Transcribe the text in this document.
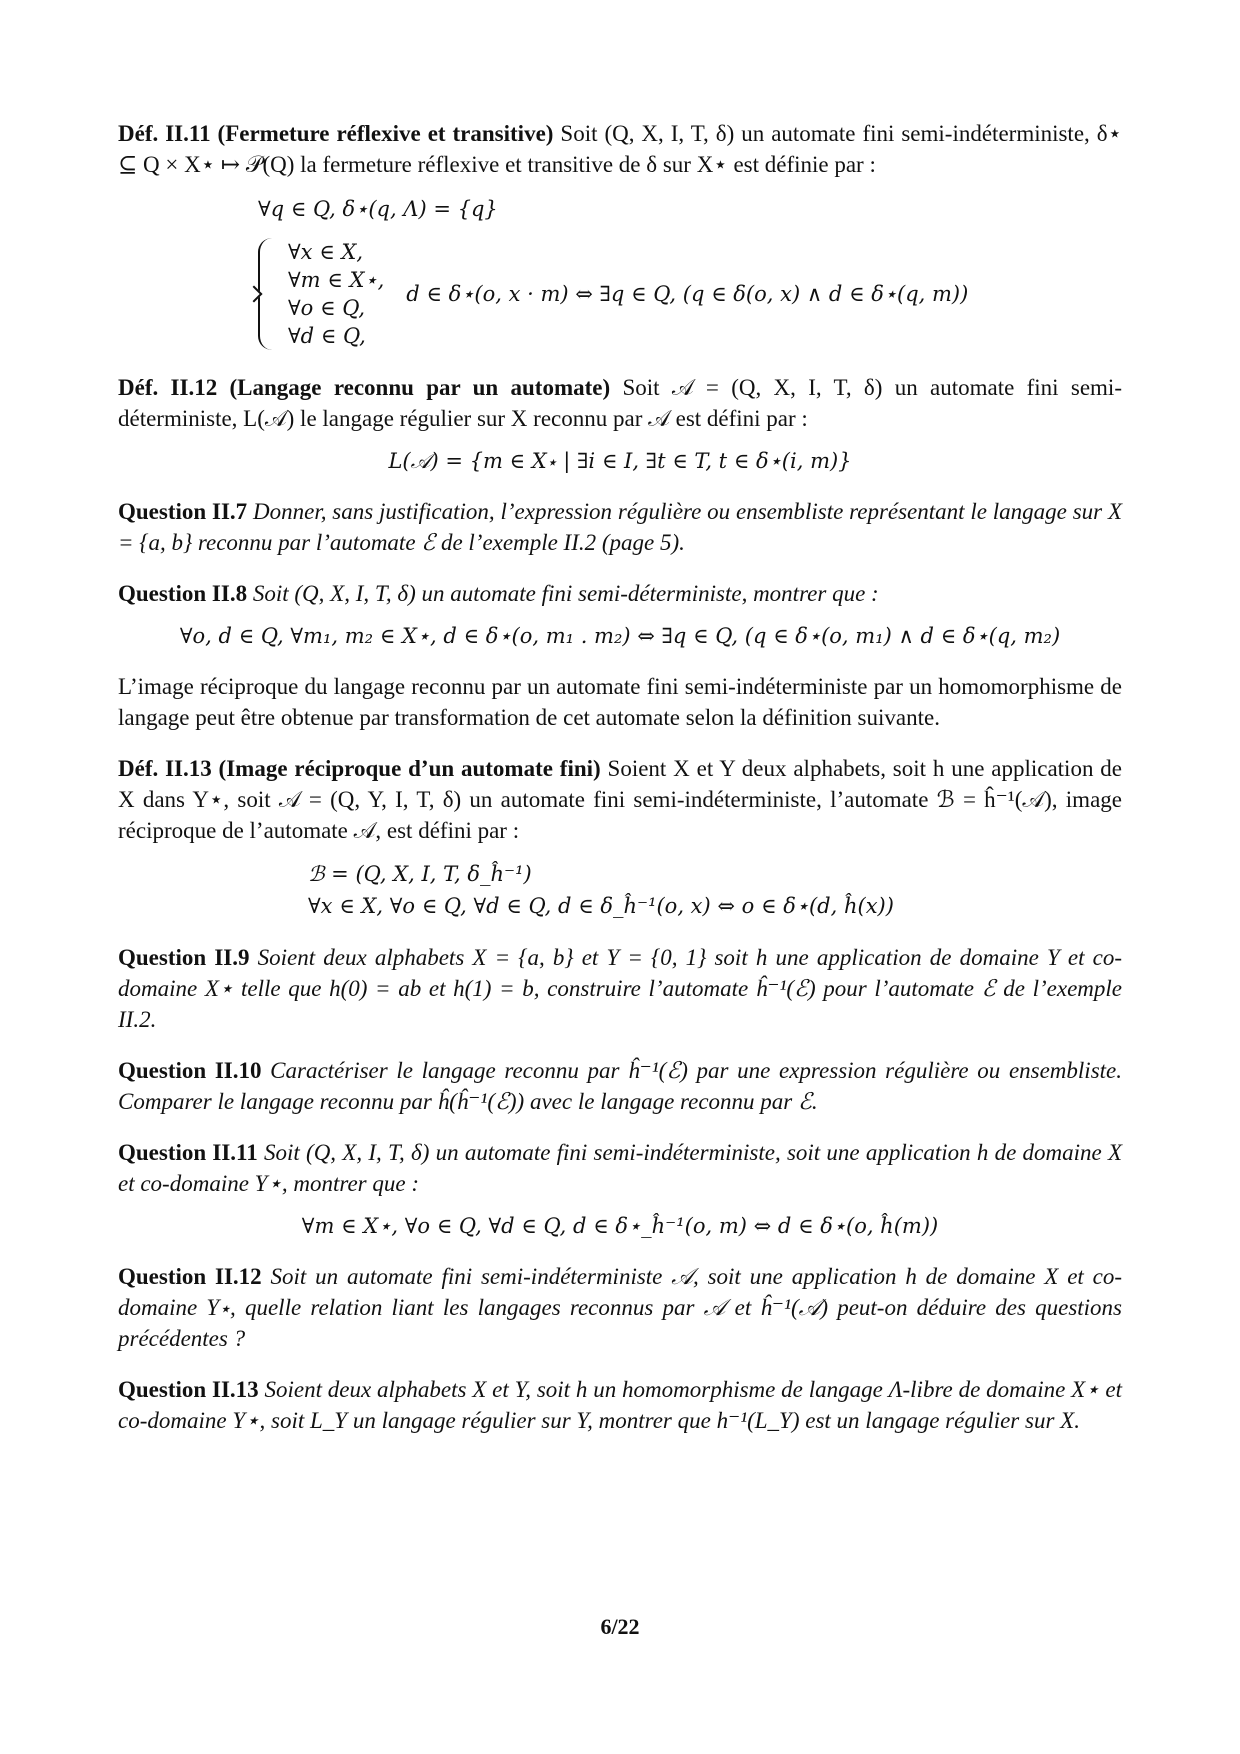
Déf. II.11 (Fermeture réflexive et transitive) Soit (Q, X, I, T, δ) un automate fini semi-indéterministe, δ⋆ ⊆ Q × X⋆ ↦ 𝒫(Q) la fermeture réflexive et transitive de δ sur X⋆ est définie par :

∀q ∈ Q, δ⋆(q, Λ) = {q}
∀x ∈ X,
∀m ∈ X⋆,
∀o ∈ Q,
∀d ∈ Q,
d ∈ δ⋆(o, x · m) ⇔ ∃q ∈ Q, (q ∈ δ(o, x) ∧ d ∈ δ⋆(q, m))

Déf. II.12 (Langage reconnu par un automate) Soit 𝒜 = (Q, X, I, T, δ) un automate fini semi-déterministe, L(𝒜) le langage régulier sur X reconnu par 𝒜 est défini par :

L(𝒜) = {m ∈ X⋆ | ∃i ∈ I, ∃t ∈ T, t ∈ δ⋆(i, m)}
Question II.7 Donner, sans justification, l’expression régulière ou ensembliste représentant le langage sur X = {a, b} reconnu par l’automate ℰ de l’exemple II.2 (page 5).
Question II.8 Soit (Q, X, I, T, δ) un automate fini semi-déterministe, montrer que :
∀o, d ∈ Q, ∀m₁, m₂ ∈ X⋆, d ∈ δ⋆(o, m₁ . m₂) ⇔ ∃q ∈ Q, (q ∈ δ⋆(o, m₁) ∧ d ∈ δ⋆(q, m₂)
L’image réciproque du langage reconnu par un automate fini semi-indéterministe par un homomorphisme de langage peut être obtenue par transformation de cet automate selon la définition suivante.

Déf. II.13 (Image réciproque d’un automate fini) Soient X et Y deux alphabets, soit h une application de X dans Y⋆, soit 𝒜 = (Q, Y, I, T, δ) un automate fini semi-indéterministe, l’automate ℬ = ĥ⁻¹(𝒜), image réciproque de l’automate 𝒜, est défini par :

ℬ = (Q, X, I, T, δ_ĥ⁻¹)
∀x ∈ X, ∀o ∈ Q, ∀d ∈ Q, d ∈ δ_ĥ⁻¹(o, x) ⇔ o ∈ δ⋆(d, ĥ(x))
Question II.9 Soient deux alphabets X = {a, b} et Y = {0, 1} soit h une application de domaine Y et co-domaine X⋆ telle que h(0) = ab et h(1) = b, construire l’automate ĥ⁻¹(ℰ) pour l’automate ℰ de l’exemple II.2.
Question II.10 Caractériser le langage reconnu par ĥ⁻¹(ℰ) par une expression régulière ou ensembliste. Comparer le langage reconnu par ĥ(ĥ⁻¹(ℰ)) avec le langage reconnu par ℰ.
Question II.11 Soit (Q, X, I, T, δ) un automate fini semi-indéterministe, soit une application h de domaine X et co-domaine Y⋆, montrer que :
∀m ∈ X⋆, ∀o ∈ Q, ∀d ∈ Q, d ∈ δ⋆_ĥ⁻¹(o, m) ⇔ d ∈ δ⋆(o, ĥ(m))
Question II.12 Soit un automate fini semi-indéterministe 𝒜, soit une application h de domaine X et co-domaine Y⋆, quelle relation liant les langages reconnus par 𝒜 et ĥ⁻¹(𝒜) peut-on déduire des questions précédentes ?
Question II.13 Soient deux alphabets X et Y, soit h un homomorphisme de langage Λ-libre de domaine X⋆ et co-domaine Y⋆, soit L_Y un langage régulier sur Y, montrer que h⁻¹(L_Y) est un langage régulier sur X.
6/22
